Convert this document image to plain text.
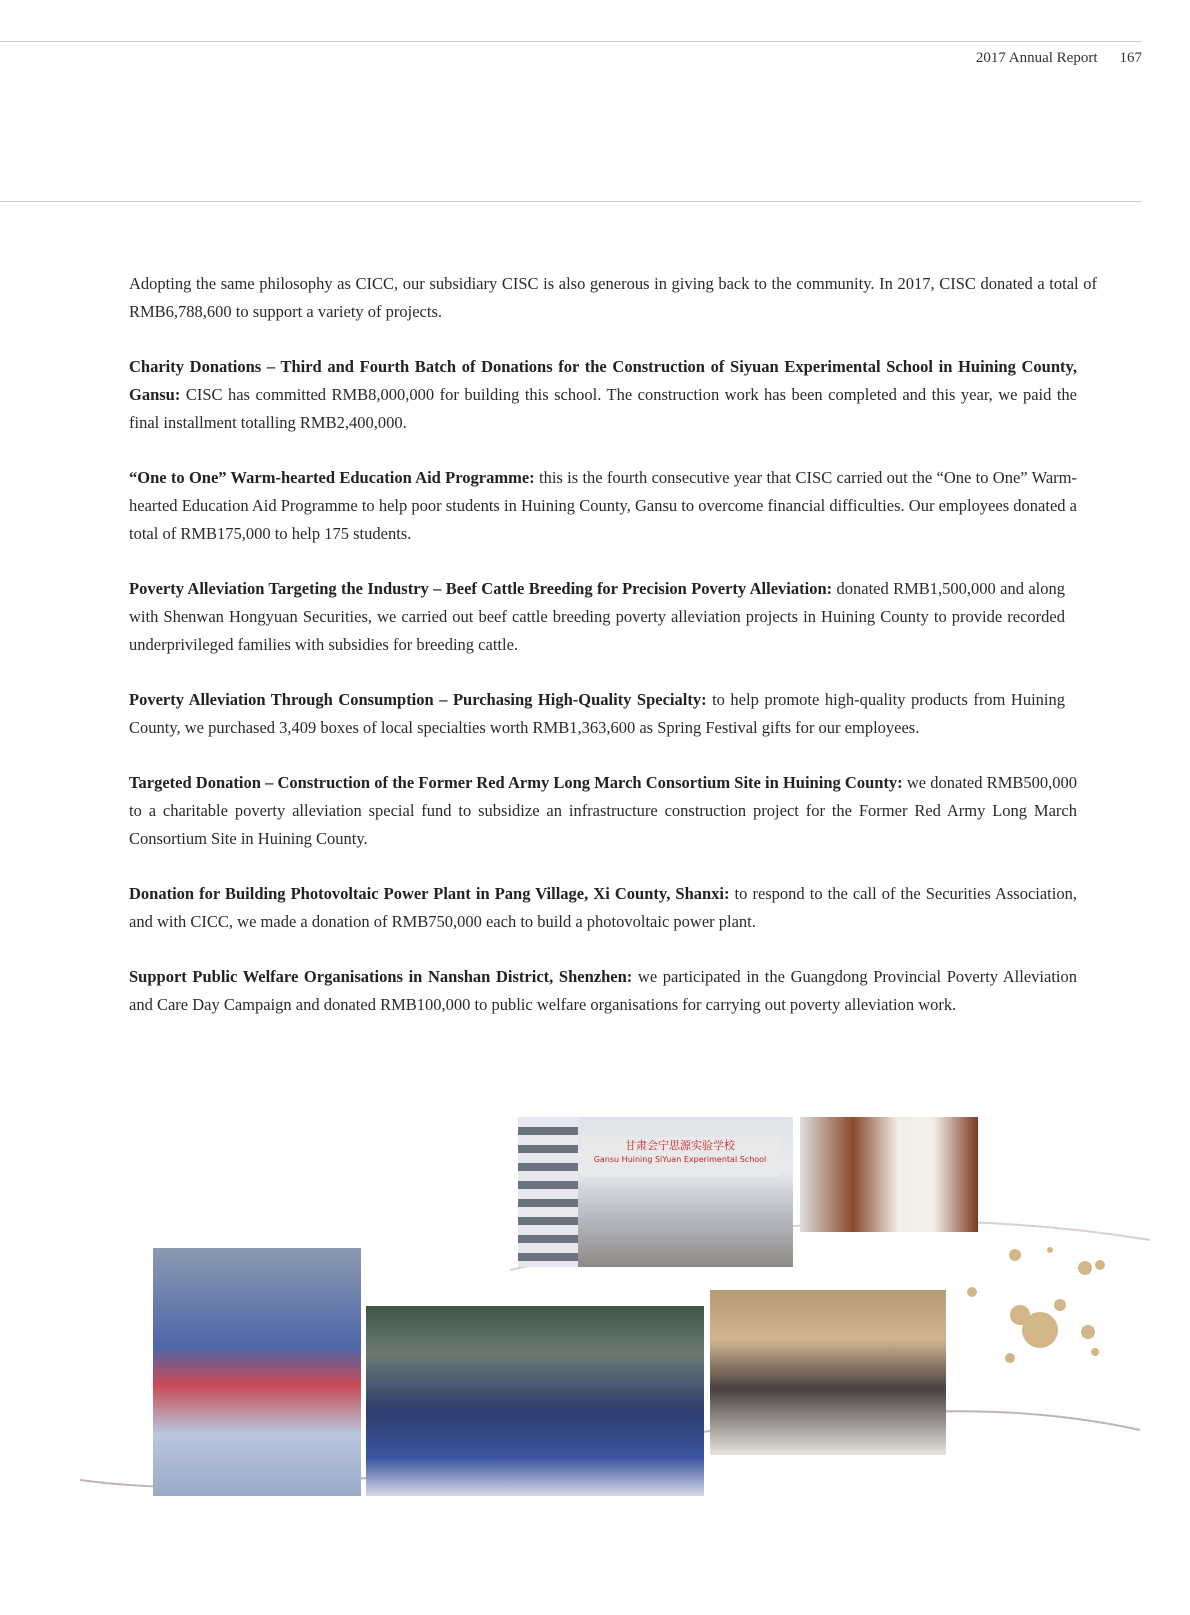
2017 Annual Report 167

Adopting the same philosophy as CICC, our subsidiary CISC is also generous in giving back to the community. In 2017, CISC donated a total of RMB6,788,600 to support a variety of projects.

Charity Donations – Third and Fourth Batch of Donations for the Construction of Siyuan Experimental School in Huining County, Gansu: CISC has committed RMB8,000,000 for building this school. The construction work has been completed and this year, we paid the final installment totalling RMB2,400,000.

“One to One” Warm-hearted Education Aid Programme: this is the fourth consecutive year that CISC carried out the “One to One” Warm-hearted Education Aid Programme to help poor students in Huining County, Gansu to overcome financial difficulties. Our employees donated a total of RMB175,000 to help 175 students.

Poverty Alleviation Targeting the Industry – Beef Cattle Breeding for Precision Poverty Alleviation: donated RMB1,500,000 and along with Shenwan Hongyuan Securities, we carried out beef cattle breeding poverty alleviation projects in Huining County to provide recorded underprivileged families with subsidies for breeding cattle.

Poverty Alleviation Through Consumption – Purchasing High-Quality Specialty: to help promote high-quality products from Huining County, we purchased 3,409 boxes of local specialties worth RMB1,363,600 as Spring Festival gifts for our employees.

Targeted Donation – Construction of the Former Red Army Long March Consortium Site in Huining County: we donated RMB500,000 to a charitable poverty alleviation special fund to subsidize an infrastructure construction project for the Former Red Army Long March Consortium Site in Huining County.

Donation for Building Photovoltaic Power Plant in Pang Village, Xi County, Shanxi: to respond to the call of the Securities Association, and with CICC, we made a donation of RMB750,000 each to build a photovoltaic power plant.

Support Public Welfare Organisations in Nanshan District, Shenzhen: we participated in the Guangdong Provincial Poverty Alleviation and Care Day Campaign and donated RMB100,000 to public welfare organisations for carrying out poverty alleviation work.

甘肃会宁思源实验学校
Gansu Huining SiYuan Experimental School
